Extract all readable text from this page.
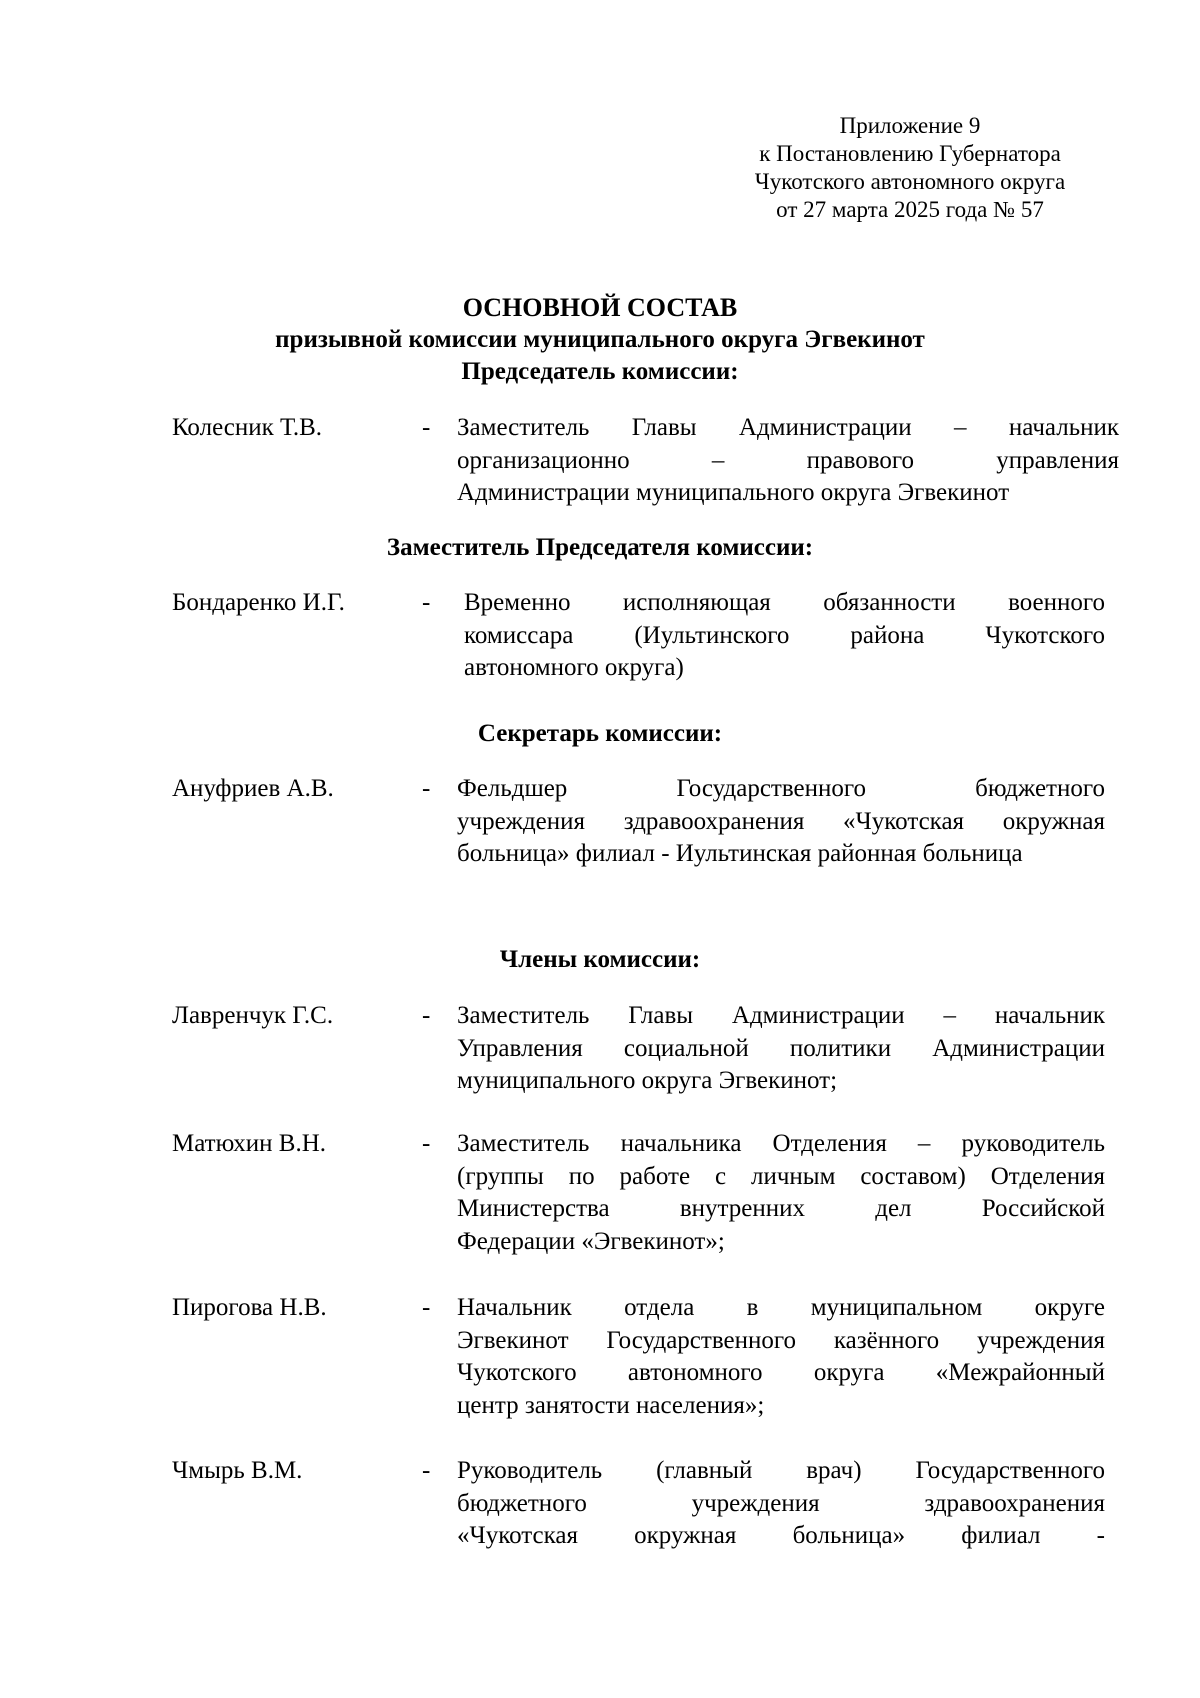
Приложение 9
к Постановлению Губернатора
Чукотского автономного округа
от 27 марта 2025 года № 57
ОСНОВНОЙ СОСТАВ
призывной комиссии муниципального округа Эгвекинот
Председатель комиссии:
Колесник Т.В.	- Заместитель Главы Администрации – начальник
организационно – правового управления
Администрации муниципального округа Эгвекинот
Заместитель Председателя комиссии:
Бондаренко И.Г.	- Временно исполняющая обязанности военного
комиссара (Иультинского района Чукотского
автономного округа)
Секретарь комиссии:
Ануфриев А.В.	- Фельдшер Государственного бюджетного
учреждения здравоохранения «Чукотская окружная
больница» филиал - Иультинская районная больница
Члены комиссии:
Лавренчук Г.С.	- Заместитель Главы Администрации – начальник
Управления социальной политики Администрации
муниципального округа Эгвекинот;
Матюхин В.Н.	- Заместитель начальника Отделения – руководитель
(группы по работе с личным составом) Отделения
Министерства внутренних дел Российской
Федерации «Эгвекинот»;
Пирогова Н.В.	- Начальник отдела в муниципальном округе
Эгвекинот Государственного казённого учреждения
Чукотского автономного округа «Межрайонный
центр занятости населения»;
Чмырь В.М.	- Руководитель (главный врач) Государственного
бюджетного учреждения здравоохранения
«Чукотская окружная больница» филиал -
